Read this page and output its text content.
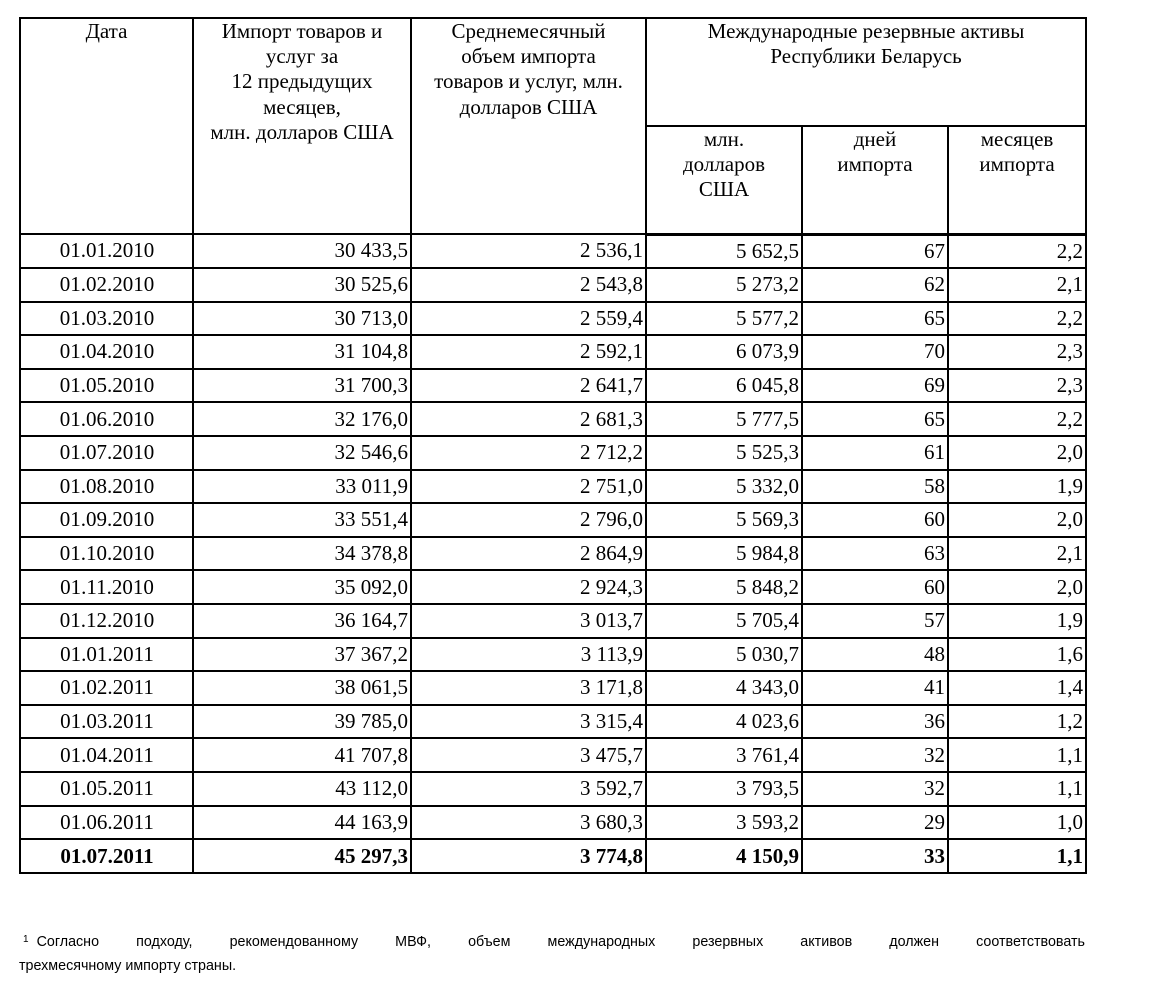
Дата	Импорт товаров и
услуг за
12 предыдущих
месяцев,
млн. долларов США	Среднемесячный
объем импорта
товаров и услуг, млн.
долларов США	Международные резервные активы
Республики Беларусь		
			млн.
долларов
США	дней
импорта	месяцев
импорта
01.01.2010	30 433,5	2 536,1	5 652,5	67	2,2
01.02.2010	30 525,6	2 543,8	5 273,2	62	2,1
01.03.2010	30 713,0	2 559,4	5 577,2	65	2,2
01.04.2010	31 104,8	2 592,1	6 073,9	70	2,3
01.05.2010	31 700,3	2 641,7	6 045,8	69	2,3
01.06.2010	32 176,0	2 681,3	5 777,5	65	2,2
01.07.2010	32 546,6	2 712,2	5 525,3	61	2,0
01.08.2010	33 011,9	2 751,0	5 332,0	58	1,9
01.09.2010	33 551,4	2 796,0	5 569,3	60	2,0
01.10.2010	34 378,8	2 864,9	5 984,8	63	2,1
01.11.2010	35 092,0	2 924,3	5 848,2	60	2,0
01.12.2010	36 164,7	3 013,7	5 705,4	57	1,9
01.01.2011	37 367,2	3 113,9	5 030,7	48	1,6
01.02.2011	38 061,5	3 171,8	4 343,0	41	1,4
01.03.2011	39 785,0	3 315,4	4 023,6	36	1,2
01.04.2011	41 707,8	3 475,7	3 761,4	32	1,1
01.05.2011	43 112,0	3 592,7	3 793,5	32	1,1
01.06.2011	44 163,9	3 680,3	3 593,2	29	1,0
01.07.2011	45 297,3	3 774,8	4 150,9	33	1,1
$^1$ Согласно подходу, рекомендованному МВФ, объем международных резервных активов должен соответствовать
трехмесячному импорту страны.
